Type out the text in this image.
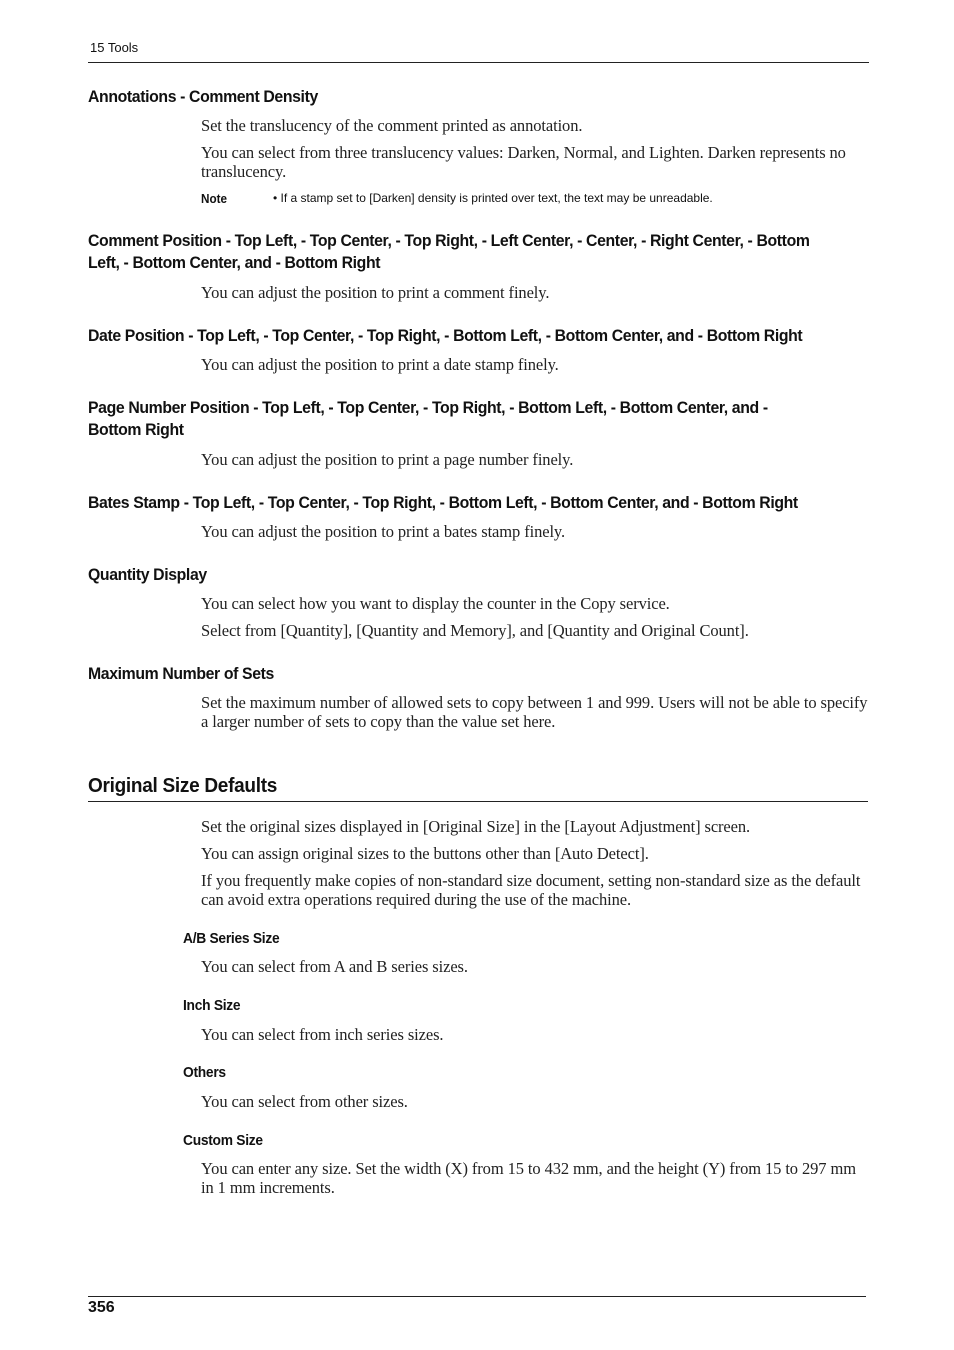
15 Tools
Annotations - Comment Density
Set the translucency of the comment printed as annotation.
You can select from three translucency values: Darken, Normal, and Lighten. Darken represents no translucency.
Note	• If a stamp set to [Darken] density is printed over text, the text may be unreadable.
Comment Position - Top Left, - Top Center, - Top Right, - Left Center, - Center, - Right Center, - Bottom Left, - Bottom Center, and - Bottom Right
You can adjust the position to print a comment finely.
Date Position - Top Left, - Top Center, - Top Right, - Bottom Left, - Bottom Center, and - Bottom Right
You can adjust the position to print a date stamp finely.
Page Number Position - Top Left, - Top Center, - Top Right, - Bottom Left, - Bottom Center, and - Bottom Right
You can adjust the position to print a page number finely.
Bates Stamp - Top Left, - Top Center, - Top Right, - Bottom Left, - Bottom Center, and - Bottom Right
You can adjust the position to print a bates stamp finely.
Quantity Display
You can select how you want to display the counter in the Copy service.
Select from [Quantity], [Quantity and Memory], and [Quantity and Original Count].
Maximum Number of Sets
Set the maximum number of allowed sets to copy between 1 and 999. Users will not be able to specify a larger number of sets to copy than the value set here.
Original Size Defaults
Set the original sizes displayed in [Original Size] in the [Layout Adjustment] screen.
You can assign original sizes to the buttons other than [Auto Detect].
If you frequently make copies of non-standard size document, setting non-standard size as the default can avoid extra operations required during the use of the machine.
A/B Series Size
You can select from A and B series sizes.
Inch Size
You can select from inch series sizes.
Others
You can select from other sizes.
Custom Size
You can enter any size. Set the width (X) from 15 to 432 mm, and the height (Y) from 15 to 297 mm in 1 mm increments.
356
